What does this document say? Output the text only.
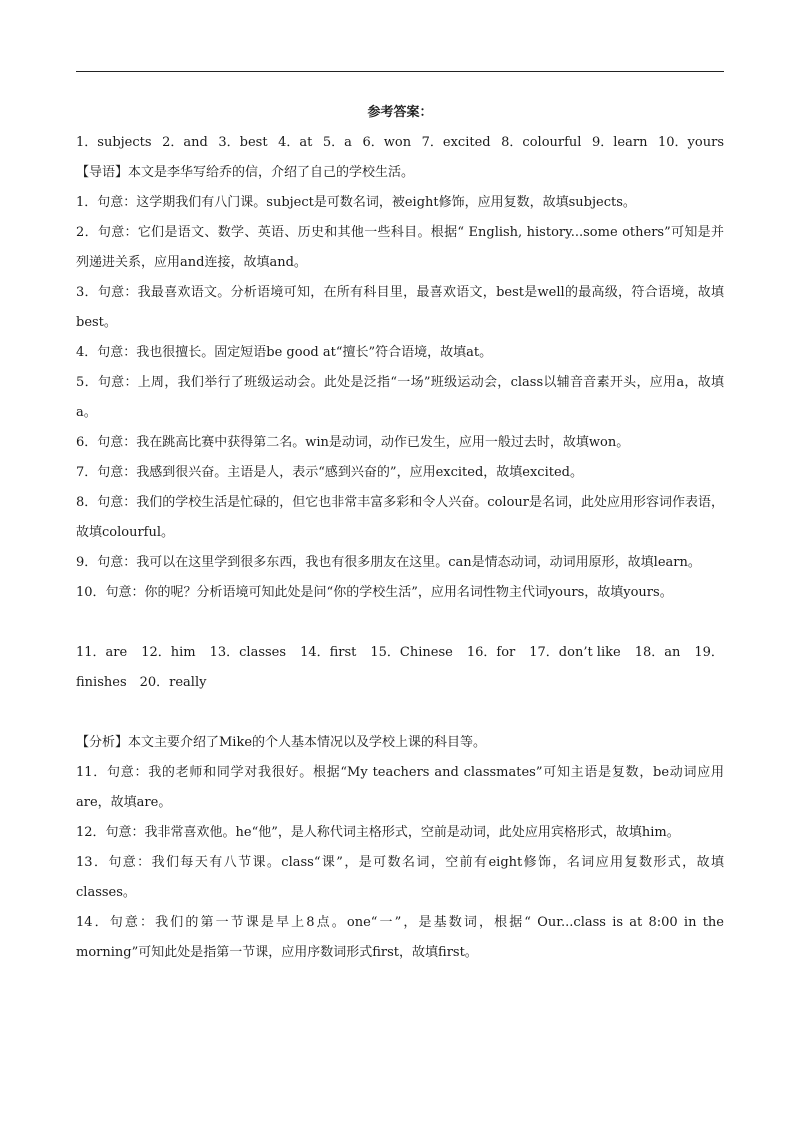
参考答案：

1．subjects 2．and 3．best 4．at 5．a 6．won 7．excited 8．colourful 9．learn 10．yours

【导语】本文是李华写给乔的信，介绍了自己的学校生活。

1．句意：这学期我们有八门课。subject是可数名词，被eight修饰，应用复数，故填subjects。

2．句意：它们是语文、数学、英语、历史和其他一些科目。根据“ English, history...some others”可知是并列递进关系，应用and连接，故填and。

3．句意：我最喜欢语文。分析语境可知，在所有科目里，最喜欢语文，best是well的最高级，符合语境，故填best。

4．句意：我也很擅长。固定短语be good at“擅长”符合语境，故填at。

5．句意：上周，我们举行了班级运动会。此处是泛指“一场”班级运动会，class以辅音音素开头，应用a，故填a。

6．句意：我在跳高比赛中获得第二名。win是动词，动作已发生，应用一般过去时，故填won。

7．句意：我感到很兴奋。主语是人，表示“感到兴奋的”，应用excited，故填excited。

8．句意：我们的学校生活是忙碌的，但它也非常丰富多彩和令人兴奋。colour是名词，此处应用形容词作表语，故填colourful。

9．句意：我可以在这里学到很多东西，我也有很多朋友在这里。can是情态动词，动词用原形，故填learn。

10．句意：你的呢？分析语境可知此处是问“你的学校生活”，应用名词性物主代词yours，故填yours。

11．are 12．him 13．classes 14．first 15．Chinese 16．for 17．don’t like 18．an 19．

finishes　20．really

【分析】本文主要介绍了Mike的个人基本情况以及学校上课的科目等。

11．句意：我的老师和同学对我很好。根据“My teachers and classmates”可知主语是复数，be动词应用are，故填are。

12．句意：我非常喜欢他。he“他”，是人称代词主格形式，空前是动词，此处应用宾格形式，故填him。

13．句意：我们每天有八节课。class“课”，是可数名词，空前有eight修饰，名词应用复数形式，故填classes。

14．句意：我们的第一节课是早上8点。one“一”，是基数词，根据“ Our...class is at 8:00 in the morning”可知此处是指第一节课，应用序数词形式first，故填first。
